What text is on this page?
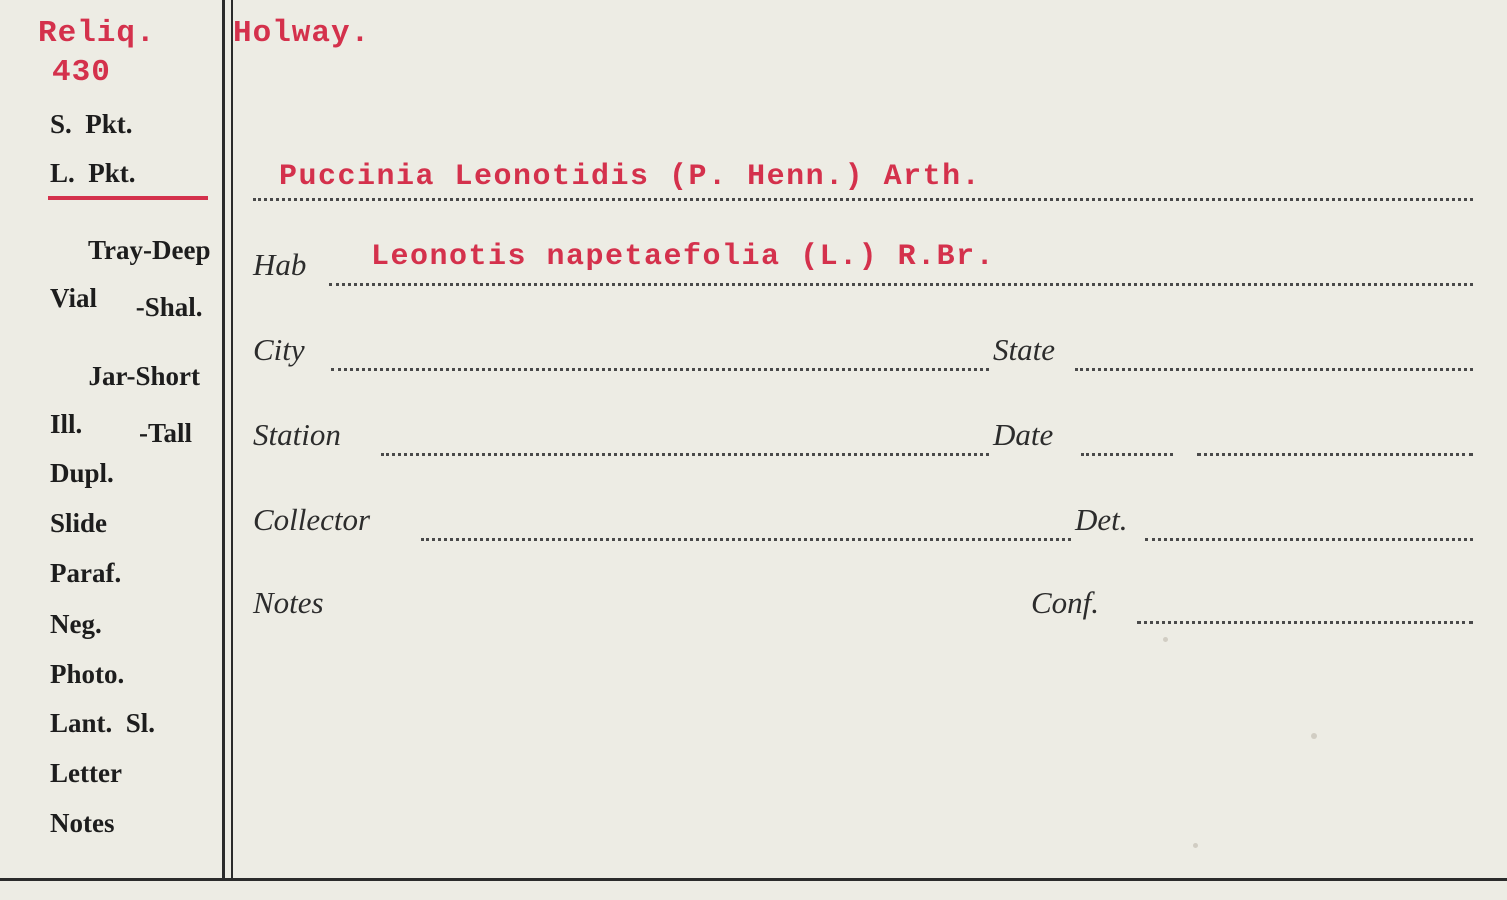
Reliq.
430
S.  Pkt.
L.  Pkt.

Tray-Deep

-Shal.

Vial

Jar-Short

-Tall

Ill.
Dupl.
Slide
Paraf.
Neg.
Photo.
Lant.  Sl.
Letter
Notes
Holway.
Puccinia Leonotidis (P. Henn.) Arth.
Hab Leonotis napetaefolia (L.) R.Br.
City	State
Station	Date
Collector	Det.
Notes	Conf.
